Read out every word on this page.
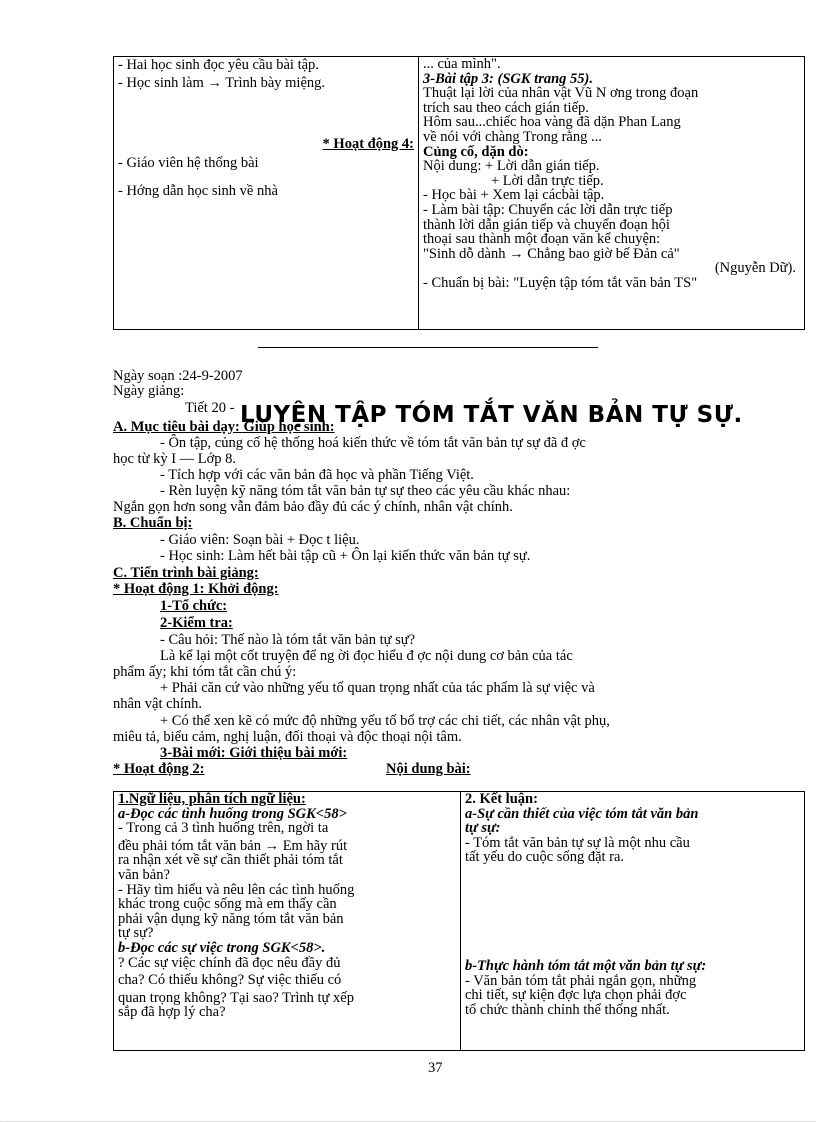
- Hai học sinh đọc yêu cầu bài tập.
- Học sinh làm → Trình bày miệng.
* Hoạt động 4:
- Giáo viên hệ thống bài
- Hớng dẫn học sinh về nhà

... của mình".
3-Bài tập 3: (SGK trang 55).
Thuật lại lời của nhân vật Vũ N ơng trong đoạn
trích sau theo cách gián tiếp.
Hôm sau...chiếc hoa vàng đã dặn Phan Lang
về nói với chàng Trong rằng ...
Củng cố, dặn dò:
Nội dung: + Lời dẫn gián tiếp.
+ Lời dẫn trực tiếp.
- Học bài + Xem lại cácbài tập.
- Làm bài tập: Chuyển các lời dẫn trực tiếp
thành lời dẫn gián tiếp và chuyển đoạn hội
thoại sau thành một đoạn văn kể chuyện:
"Sinh dỗ dành → Chẳng bao giờ bế Đản cả"
(Nguyễn Dữ).
- Chuẩn bị bài: "Luyện tập tóm tắt văn bản TS"
Ngày soạn :24-9-2007
Ngày giảng:
Tiết 20 - LUYỆN TẬP TÓM TẮT VĂN BẢN TỰ SỰ.
A. Mục tiêu bài dạy: Giúp học sinh:
- Ôn tập, củng cố hệ thống hoá kiến thức về tóm tắt văn bản tự sự đã đ ợc
học từ kỳ I — Lớp 8.
- Tích hợp với các văn bản đã học và phần Tiếng Việt.
- Rèn luyện kỹ năng tóm tắt văn bản tự sự theo các yêu cầu khác nhau:
Ngắn gọn hơn song vẫn đảm bảo đầy đủ các ý chính, nhân vật chính.
B. Chuẩn bị:
- Giáo viên: Soạn bài + Đọc t liệu.
- Học sinh: Làm hết bài tập cũ + Ôn lại kiến thức văn bản tự sự.
C. Tiến trình bài giảng:
* Hoạt động 1: Khởi động:
1-Tổ chức:
2-Kiểm tra:
- Câu hỏi: Thế nào là tóm tắt văn bản tự sự?
Là kể lại một cốt truyện để ng ời đọc hiểu đ ợc nội dung cơ bản của tác
phẩm ấy; khi tóm tắt cần chú ý:
+ Phải căn cứ vào những yếu tố quan trọng nhất của tác phẩm là sự việc và
nhân vật chính.
+ Có thể xen kẽ có mức độ những yếu tố bổ trợ các chi tiết, các nhân vật phụ,
miêu tả, biểu cảm, nghị luận, đối thoại và độc thoại nội tâm.
3-Bài mới: Giới thiệu bài mới:
* Hoạt động 2:	Nội dung bài:
1.Ngữ liệu, phân tích ngữ liệu:
a-Đọc các tình huống trong SGK<58>
- Trong cả 3 tình huống trên, ngời ta
đều phải tóm tắt văn bản → Em hãy rút
ra nhận xét về sự cần thiết phải tóm tắt
văn bản?
- Hãy tìm hiểu và nêu lên các tình huống
khác trong cuộc sống mà em thấy cần
phải vận dụng kỹ năng tóm tắt văn bản
tự sự?
b-Đọc các sự việc trong SGK<58>.
? Các sự việc chính đã đọc nêu đầy đủ
cha? Có thiếu không? Sự việc thiếu có
quan trọng không? Tại sao? Trình tự xếp
sắp đã hợp lý cha?

2. Kết luận:
a-Sự cần thiết của việc tóm tắt văn bản
tự sự:
- Tóm tắt văn bản tự sự là một nhu cầu
tất yếu do cuộc sống đặt ra.
b-Thực hành tóm tắt một văn bản tự sự:
- Văn bản tóm tắt phải ngắn gọn, những
chi tiết, sự kiện đợc lựa chọn phải đợc
tổ chức thành chỉnh thể thống nhất.
37
